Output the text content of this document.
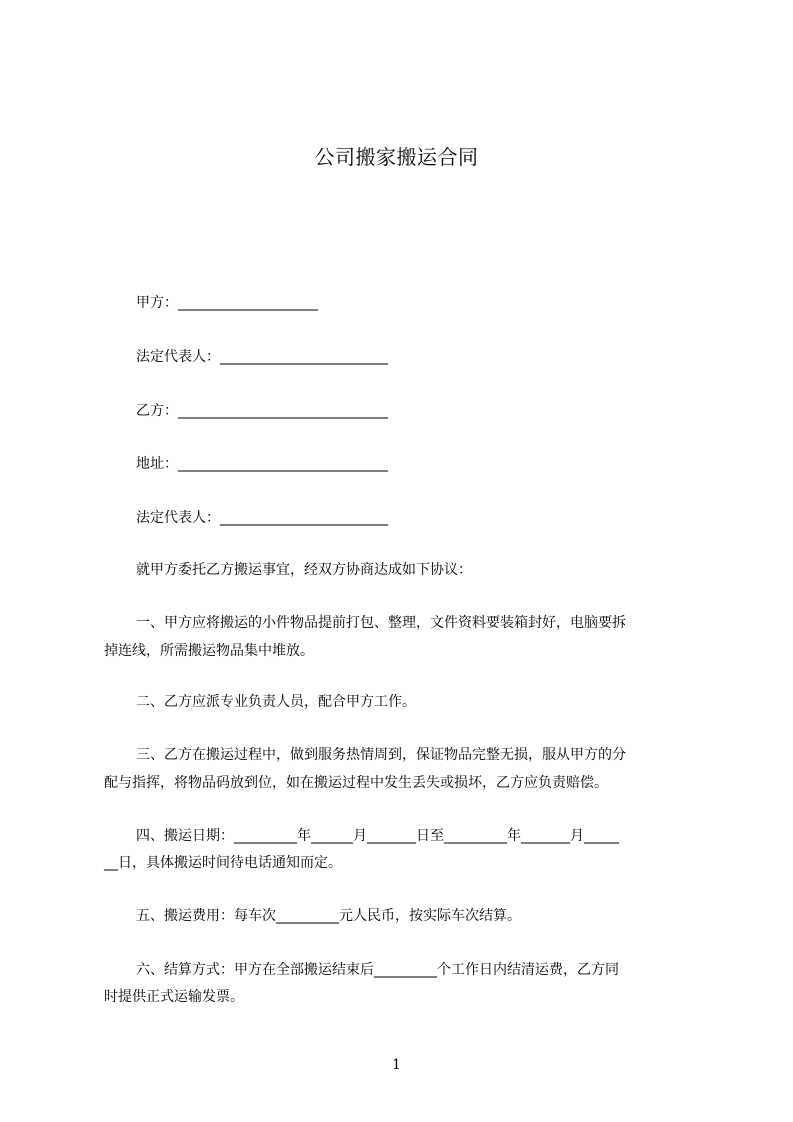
公司搬家搬运合同
甲方：____________________
法定代表人：________________________
乙方：______________________________
地址：______________________________
法定代表人：________________________
就甲方委托乙方搬运事宜，经双方协商达成如下协议：
一、甲方应将搬运的小件物品提前打包、整理，文件资料要装箱封好，电脑要拆
掉连线，所需搬运物品集中堆放。
二、乙方应派专业负责人员，配合甲方工作。
三、乙方在搬运过程中，做到服务热情周到，保证物品完整无损，服从甲方的分
配与指挥，将物品码放到位，如在搬运过程中发生丢失或损坏，乙方应负责赔偿。
四、搬运日期：_________年______月_______日至_________年_______月_____
__日，具体搬运时间待电话通知而定。
五、搬运费用：每车次_________元人民币，按实际车次结算。
六、结算方式：甲方在全部搬运结束后_________个工作日内结清运费，乙方同
时提供正式运输发票。
1
